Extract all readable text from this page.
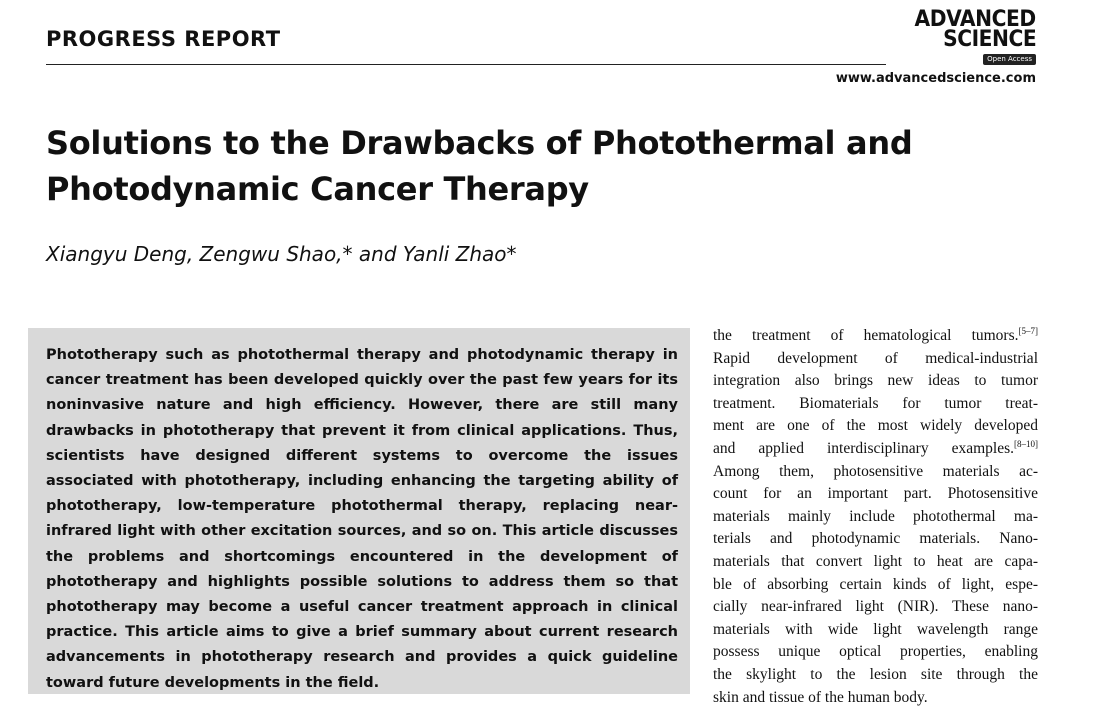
PROGRESS REPORT
ADVANCED
SCIENCE
Open Access
www.advancedscience.com
Solutions to the Drawbacks of Photothermal and Photodynamic Cancer Therapy
Xiangyu Deng, Zengwu Shao,* and Yanli Zhao*

Phototherapy such as photothermal therapy and photodynamic therapy in cancer treatment has been developed quickly over the past few years for its noninvasive nature and high efficiency. However, there are still many drawbacks in phototherapy that prevent it from clinical applications. Thus, scientists have designed different systems to overcome the issues associated with phototherapy, including enhancing the targeting ability of phototherapy, low-temperature photothermal therapy, replacing near-infrared light with other excitation sources, and so on. This article discusses the problems and shortcomings encountered in the development of phototherapy and highlights possible solutions to address them so that phototherapy may become a useful cancer treatment approach in clinical practice. This article aims to give a brief summary about current research advancements in phototherapy research and provides a quick guideline toward future developments in the field.

the treatment of hematological tumors.[5–7]
Rapid development of medical-industrial
integration also brings new ideas to tumor
treatment. Biomaterials for tumor treat-
ment are one of the most widely developed
and applied interdisciplinary examples.[8–10]
Among them, photosensitive materials ac-
count for an important part. Photosensitive
materials mainly include photothermal ma-
terials and photodynamic materials. Nano-
materials that convert light to heat are capa-
ble of absorbing certain kinds of light, espe-
cially near-infrared light (NIR). These nano-
materials with wide light wavelength range
possess unique optical properties, enabling
the skylight to the lesion site through the
skin and tissue of the human body.
